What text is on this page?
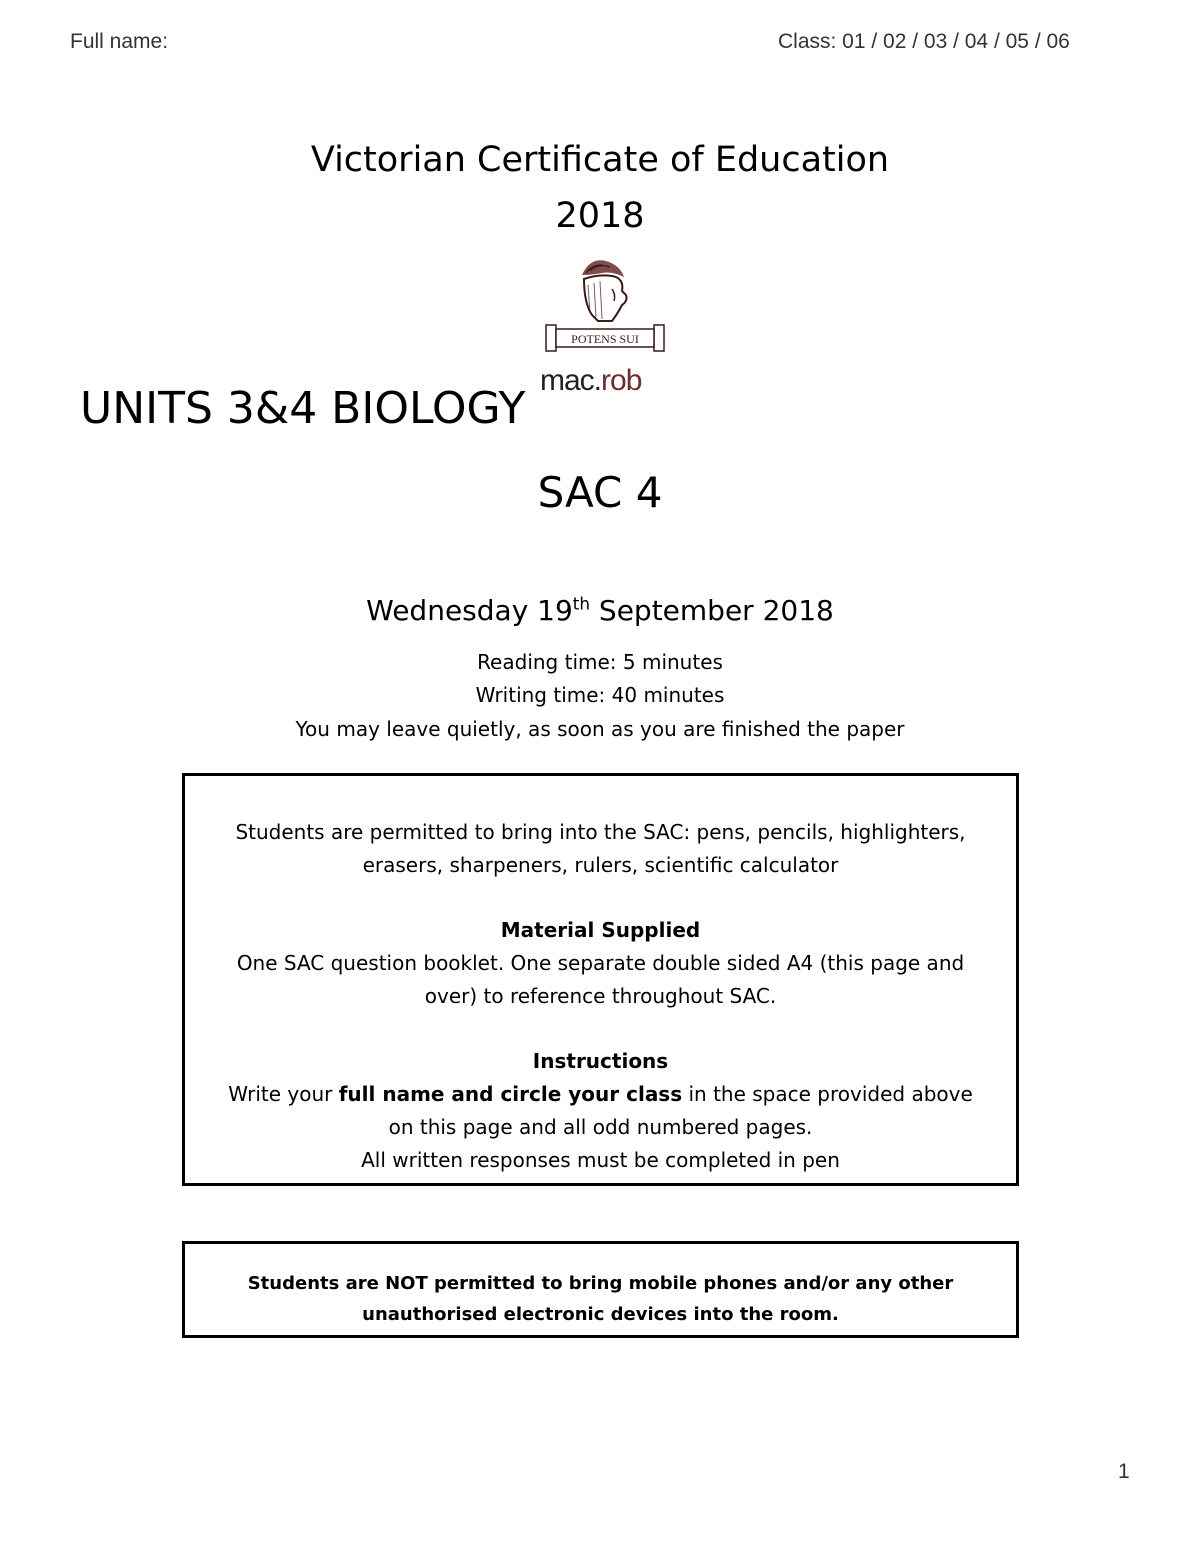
Full name:	Class: 01 / 02 / 03 / 04 / 05 / 06
Victorian Certificate of Education
2018
POTENS SUI
mac.rob
UNITS 3&4 BIOLOGY
SAC 4
Wednesday 19th September 2018
Reading time: 5 minutes
Writing time: 40 minutes
You may leave quietly, as soon as you are finished the paper

Students are permitted to bring into the SAC: pens, pencils, highlighters, erasers, sharpeners, rulers, scientific calculator

Material Supplied

One SAC question booklet. One separate double sided A4 (this page and over) to reference throughout SAC.

Instructions

Write your full name and circle your class in the space provided above on this page and all odd numbered pages.

All written responses must be completed in pen

Students are NOT permitted to bring mobile phones and/or any other unauthorised electronic devices into the room.

1
